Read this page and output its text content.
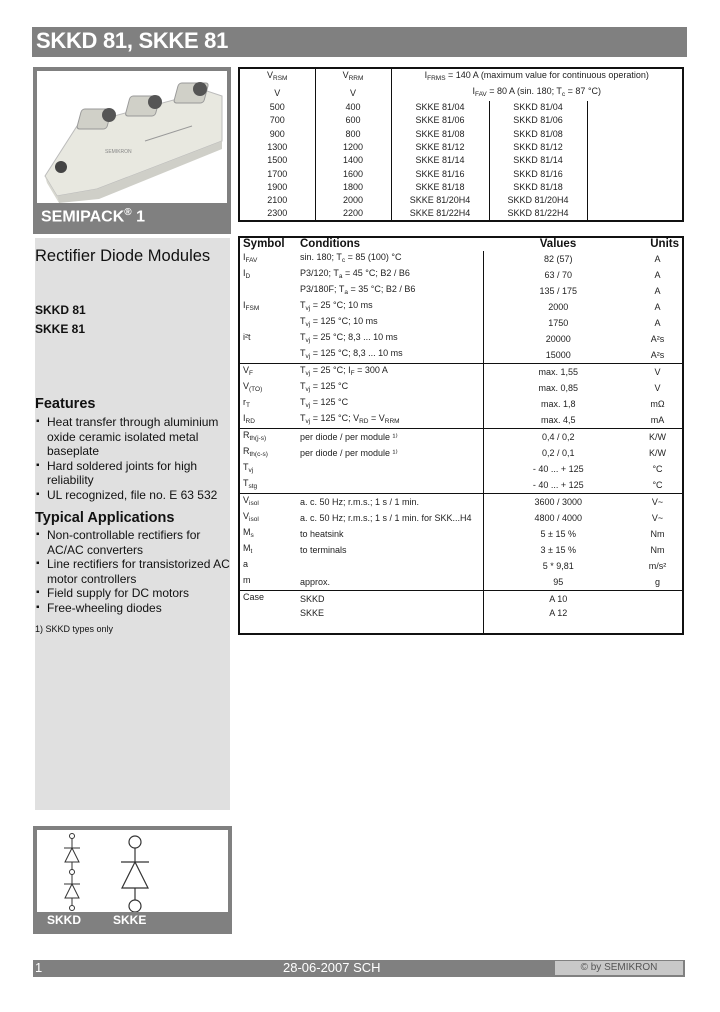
SKKD 81, SKKE 81
SEMIKRON
SEMIPACK® 1
Rectifier Diode Modules
SKKD 81
SKKE 81
Features
▪ Heat transfer through aluminium oxide ceramic isolated metal baseplate
▪ Hard soldered joints for high reliability
▪ UL recognized, file no. E 63 532
Typical Applications
▪ Non-controllable rectifiers for AC/AC converters
▪ Line rectifiers for transistorized AC motor controllers
▪ Field supply for DC motors
▪ Free-wheeling diodes
1) SKKD types only
SKKD	SKKE
$V_{RSM}$	$V_{RRM}$	$I_{FRMS} = 140$ A (maximum value for continuous operation)		
V	V	$I_{FAV} = 80$ A (sin. 180; $T_c = 87$ °C)		
500	400	SKKE 81/04	SKKD 81/04	
700	600	SKKE 81/06	SKKD 81/06	
900	800	SKKE 81/08	SKKD 81/08	
1300	1200	SKKE 81/12	SKKD 81/12	
1500	1400	SKKE 81/14	SKKD 81/14	
1700	1600	SKKE 81/16	SKKD 81/16	
1900	1800	SKKE 81/18	SKKD 81/18	
2100	2000	SKKE 81/20H4	SKKD 81/20H4	
2300	2200	SKKE 81/22H4	SKKD 81/22H4	
Symbol	Conditions	Values	Units
$I_{FAV}$	sin. 180; $T_c = 85$ (100) °C	82 (57)	A
$I_D$	P3/120; $T_a = 45$ °C; B2 / B6	63 / 70	A
	P3/180F; $T_a = 35$ °C; B2 / B6	135 / 175	A
$I_{FSM}$	$T_{vj} = 25$ °C; 10 ms	2000	A
	$T_{vj} = 125$ °C; 10 ms	1750	A
i²t	$T_{vj} = 25$ °C; 8,3 ... 10 ms	20000	A²s
	$T_{vj} = 125$ °C; 8,3 ... 10 ms	15000	A²s
$V_F$	$T_{vj} = 25$ °C; $I_F = 300$ A	max. 1,55	V
$V_{(TO)}$	$T_{vj} = 125$ °C	max. 0,85	V
$r_T$	$T_{vj} = 125$ °C	max. 1,8	mΩ
$I_{RD}$	$T_{vj} = 125$ °C; $V_{RD} = V_{RRM}$	max. 4,5	mA
$R_{th(j-s)}$	per diode / per module ¹⁾	0,4 / 0,2	K/W
$R_{th(c-s)}$	per diode / per module ¹⁾	0,2 / 0,1	K/W
$T_{vj}$		- 40 ... + 125	°C
$T_{stg}$		- 40 ... + 125	°C
$V_{isol}$	a. c. 50 Hz; r.m.s.; 1 s / 1 min.	3600 / 3000	V~
$V_{isol}$	a. c. 50 Hz; r.m.s.; 1 s / 1 min. for SKK...H4	4800 / 4000	V~
$M_s$	to heatsink	5 ± 15 %	Nm
$M_t$	to terminals	3 ± 15 %	Nm
a		5 * 9,81	m/s²
m	approx.	95	g
Case	SKKD	A 10	
	SKKE	A 12	

1	28-06-2007 SCH	© by SEMIKRON
